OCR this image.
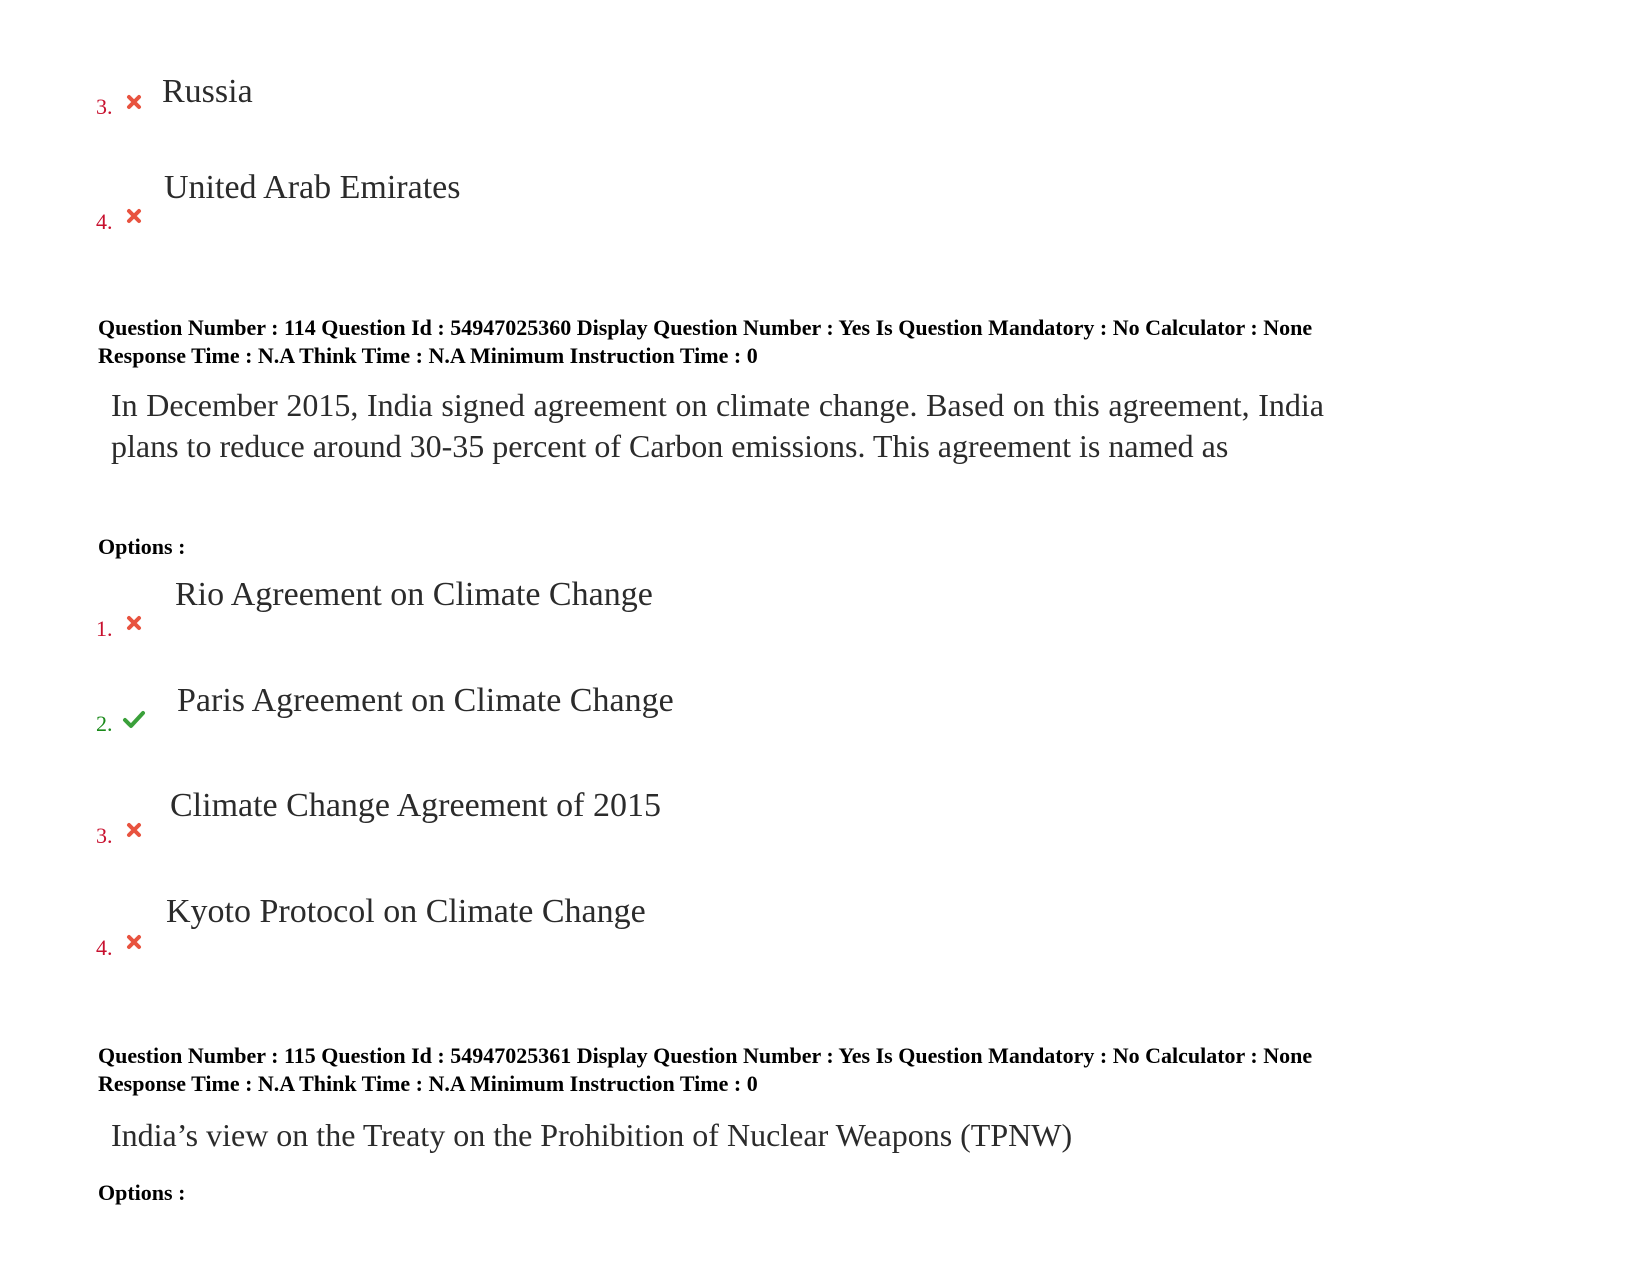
3. Russia
4.
United Arab Emirates
Question Number : 114 Question Id : 54947025360 Display Question Number : Yes Is Question Mandatory : No Calculator : None
Response Time : N.A Think Time : N.A Minimum Instruction Time : 0
In December 2015, India signed agreement on climate change. Based on this agreement, India plans to reduce around 30-35 percent of Carbon emissions. This agreement is named as
Options :
1.
Rio Agreement on Climate Change
2.
Paris Agreement on Climate Change
3.
Climate Change Agreement of 2015
4.
Kyoto Protocol on Climate Change
Question Number : 115 Question Id : 54947025361 Display Question Number : Yes Is Question Mandatory : No Calculator : None
Response Time : N.A Think Time : N.A Minimum Instruction Time : 0
India’s view on the Treaty on the Prohibition of Nuclear Weapons (TPNW)
Options :
